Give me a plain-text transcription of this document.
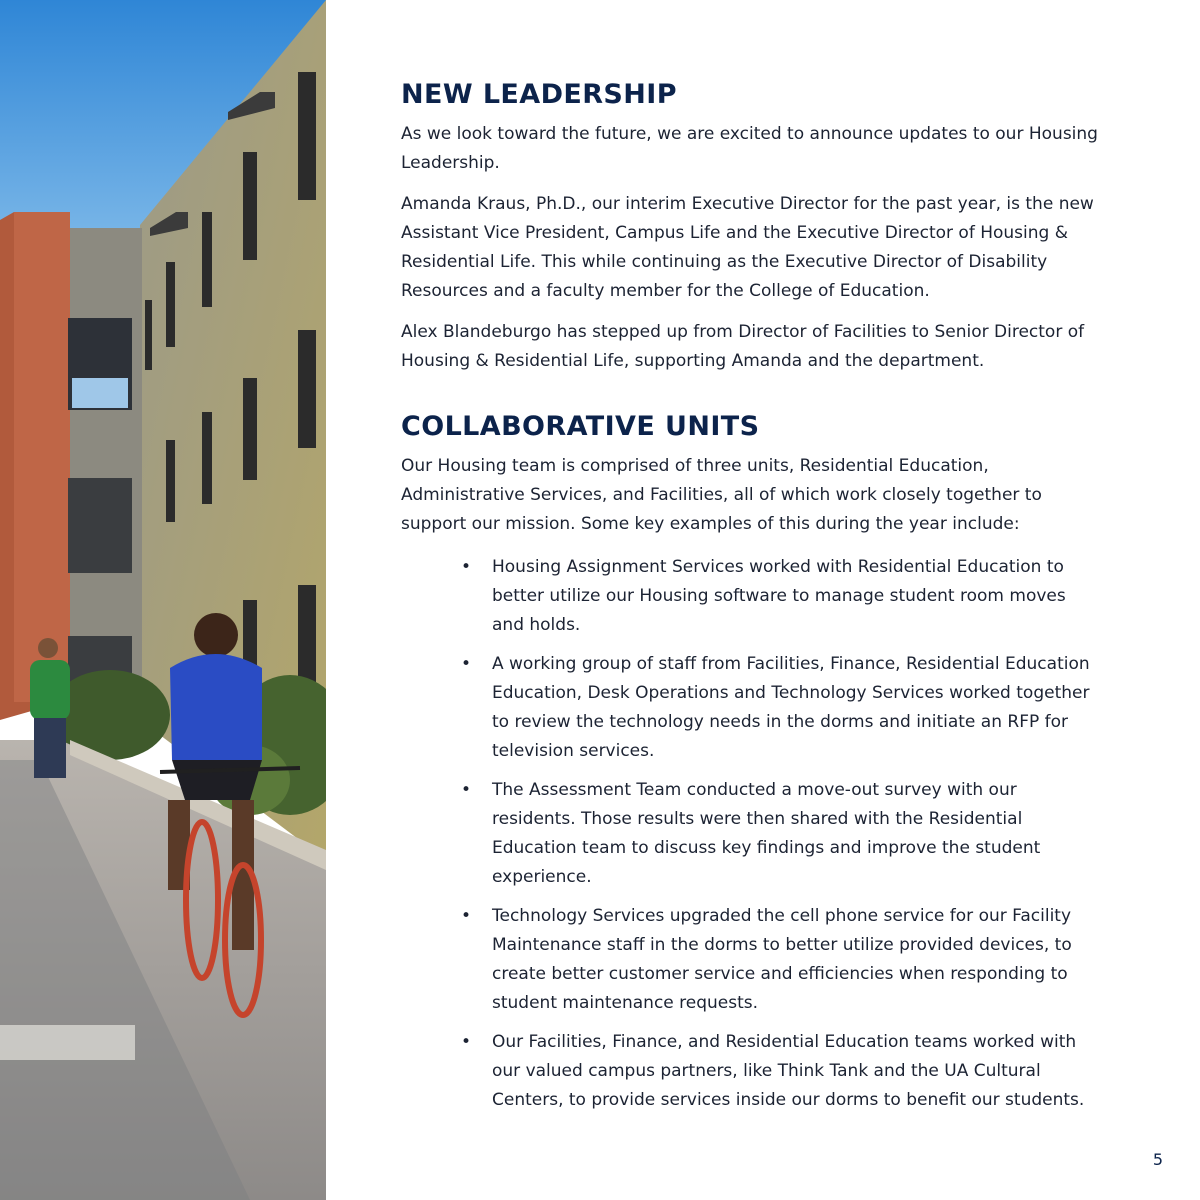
NEW LEADERSHIP

As we look toward the future, we are excited to announce updates to our Housing Leadership.

Amanda Kraus, Ph.D., our interim Executive Director for the past year, is the new Assistant Vice President, Campus Life and the Executive Director of Housing & Residential Life. This while continuing as the Executive Director of Disability Resources and a faculty member for the College of Education.

Alex Blandeburgo has stepped up from Director of Facilities to Senior Director of Housing & Residential Life, supporting Amanda and the department.

COLLABORATIVE UNITS

Our Housing team is comprised of three units, Residential Education, Administrative Services, and Facilities, all of which work closely together to support our mission. Some key examples of this during the year include:

• Housing Assignment Services worked with Residential Education to better utilize our Housing software to manage student room moves and holds.
• A working group of staff from Facilities, Finance, Residential Education Education, Desk Operations and Technology Services worked together to review the technology needs in the dorms and initiate an RFP for television services.
• The Assessment Team conducted a move-out survey with our residents. Those results were then shared with the Residential Education team to discuss key findings and improve the student experience.
• Technology Services upgraded the cell phone service for our Facility Maintenance staff in the dorms to better utilize provided devices, to create better customer service and efficiencies when responding to student maintenance requests.
• Our Facilities, Finance, and Residential Education teams worked with our valued campus partners, like Think Tank and the UA Cultural Centers, to provide services inside our dorms to benefit our students.
5
